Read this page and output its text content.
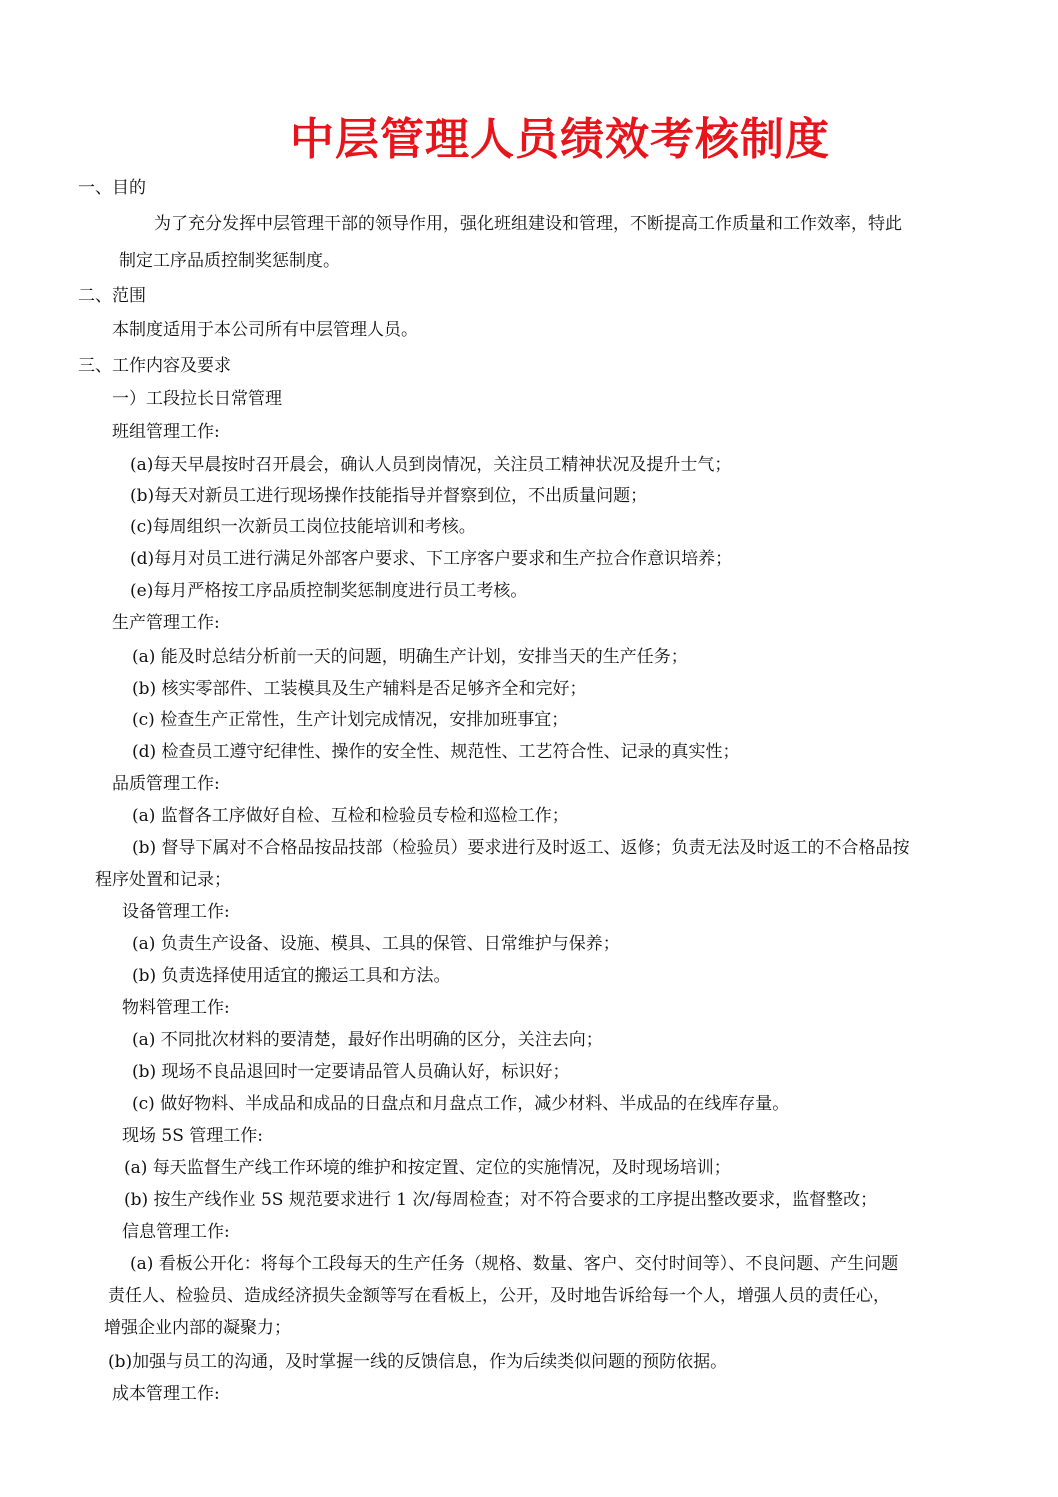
中层管理人员绩效考核制度
一、目的
为了充分发挥中层管理干部的领导作用，强化班组建设和管理，不断提高工作质量和工作效率，特此
制定工序品质控制奖惩制度。
二、范围
本制度适用于本公司所有中层管理人员。
三、工作内容及要求
一）工段拉长日常管理
班组管理工作:
(a)每天早晨按时召开晨会，确认人员到岗情况，关注员工精神状况及提升士气；
(b)每天对新员工进行现场操作技能指导并督察到位，不出质量问题；
(c)每周组织一次新员工岗位技能培训和考核。
(d)每月对员工进行满足外部客户要求、下工序客户要求和生产拉合作意识培养；
(e)每月严格按工序品质控制奖惩制度进行员工考核。
生产管理工作:
(a) 能及时总结分析前一天的问题，明确生产计划，安排当天的生产任务；
(b) 核实零部件、工装模具及生产辅料是否足够齐全和完好；
(c) 检查生产正常性，生产计划完成情况，安排加班事宜；
(d) 检查员工遵守纪律性、操作的安全性、规范性、工艺符合性、记录的真实性；
品质管理工作:
(a) 监督各工序做好自检、互检和检验员专检和巡检工作；
(b) 督导下属对不合格品按品技部（检验员）要求进行及时返工、返修；负责无法及时返工的不合格品按
程序处置和记录；
设备管理工作:
(a) 负责生产设备、设施、模具、工具的保管、日常维护与保养；
(b) 负责选择使用适宜的搬运工具和方法。
物料管理工作:
(a) 不同批次材料的要清楚，最好作出明确的区分，关注去向；
(b) 现场不良品退回时一定要请品管人员确认好，标识好；
(c) 做好物料、半成品和成品的日盘点和月盘点工作，减少材料、半成品的在线库存量。
现场 5S 管理工作:
(a) 每天监督生产线工作环境的维护和按定置、定位的实施情况，及时现场培训；
(b) 按生产线作业 5S 规范要求进行 1 次/每周检查；对不符合要求的工序提出整改要求，监督整改；
信息管理工作:
(a) 看板公开化：将每个工段每天的生产任务（规格、数量、客户、交付时间等）、不良问题、产生问题
责任人、检验员、造成经济损失金额等写在看板上，公开，及时地告诉给每一个人，增强人员的责任心，
增强企业内部的凝聚力；
(b)加强与员工的沟通，及时掌握一线的反馈信息，作为后续类似问题的预防依据。
成本管理工作:
